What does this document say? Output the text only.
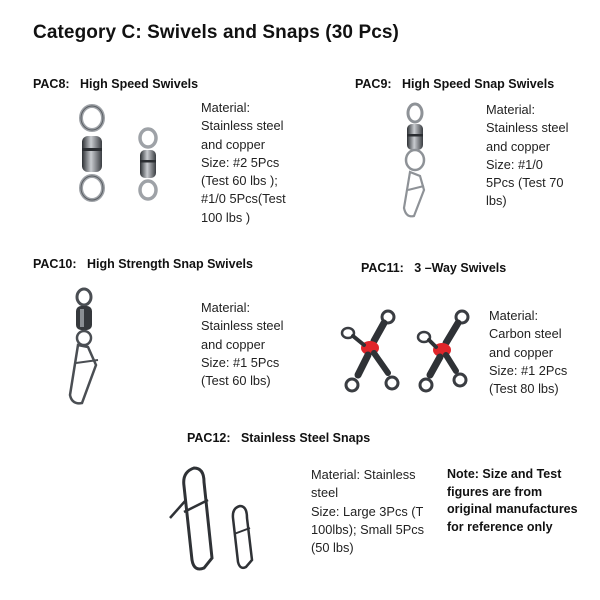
Category C: Swivels and Snaps (30 Pcs)
PAC8: High Speed Swivels
Material:
Stainless steel
and copper
Size: #2 5Pcs
(Test 60 lbs );
#1/0 5Pcs(Test
100 lbs )
PAC9: High Speed Snap Swivels
Material:
Stainless steel
and copper
Size: #1/0
5Pcs (Test 70
lbs)
PAC10: High Strength Snap Swivels
Material:
Stainless steel
and copper
Size: #1 5Pcs
(Test 60 lbs)
PAC11: 3 –Way Swivels
Material:
Carbon steel
and copper
Size: #1 2Pcs
(Test 80 lbs)
PAC12: Stainless Steel Snaps
Material: Stainless
steel
Size: Large 3Pcs (T
100lbs); Small 5Pcs
(50 lbs)
Note: Size and Test
figures are from
original manufactures
for reference only
